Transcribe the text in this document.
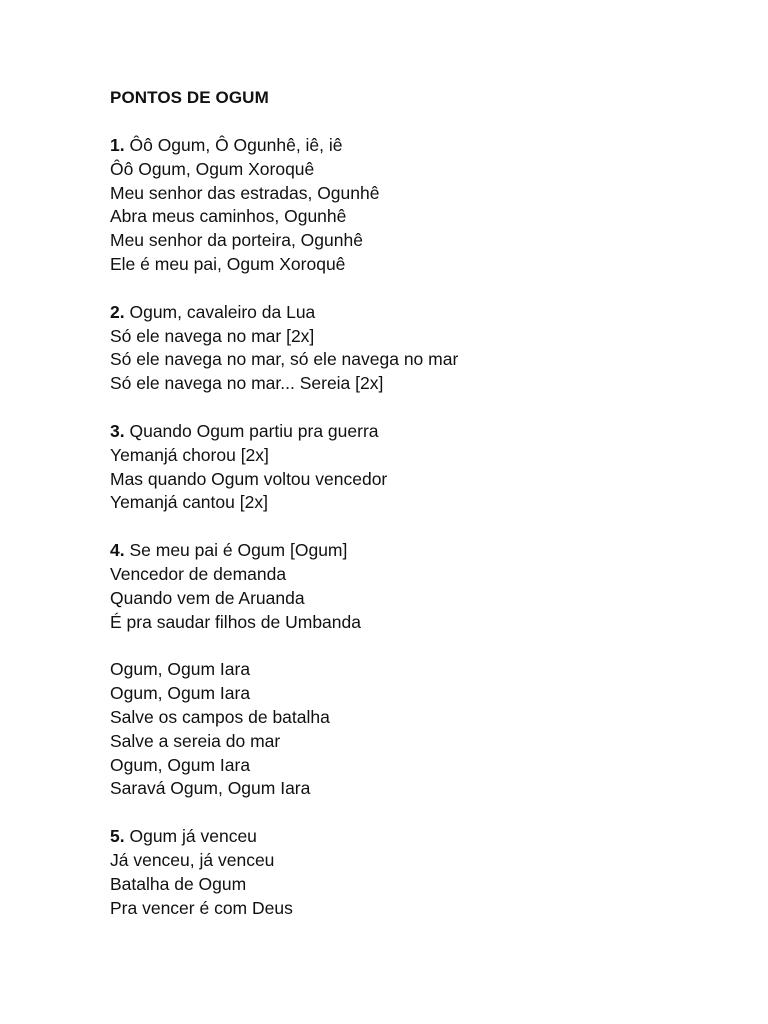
PONTOS DE OGUM
1. Ôô Ogum, Ô Ogunhê, iê, iê
Ôô Ogum, Ogum Xoroquê
Meu senhor das estradas, Ogunhê
Abra meus caminhos, Ogunhê
Meu senhor da porteira, Ogunhê
Ele é meu pai, Ogum Xoroquê
2. Ogum, cavaleiro da Lua
Só ele navega no mar [2x]
Só ele navega no mar, só ele navega no mar
Só ele navega no mar... Sereia [2x]
3. Quando Ogum partiu pra guerra
Yemanjá chorou [2x]
Mas quando Ogum voltou vencedor
Yemanjá cantou [2x]
4. Se meu pai é Ogum [Ogum]
Vencedor de demanda
Quando vem de Aruanda
É pra saudar filhos de Umbanda
Ogum, Ogum Iara
Ogum, Ogum Iara
Salve os campos de batalha
Salve a sereia do mar
Ogum, Ogum Iara
Saravá Ogum, Ogum Iara
5. Ogum já venceu
Já venceu, já venceu
Batalha de Ogum
Pra vencer é com Deus
